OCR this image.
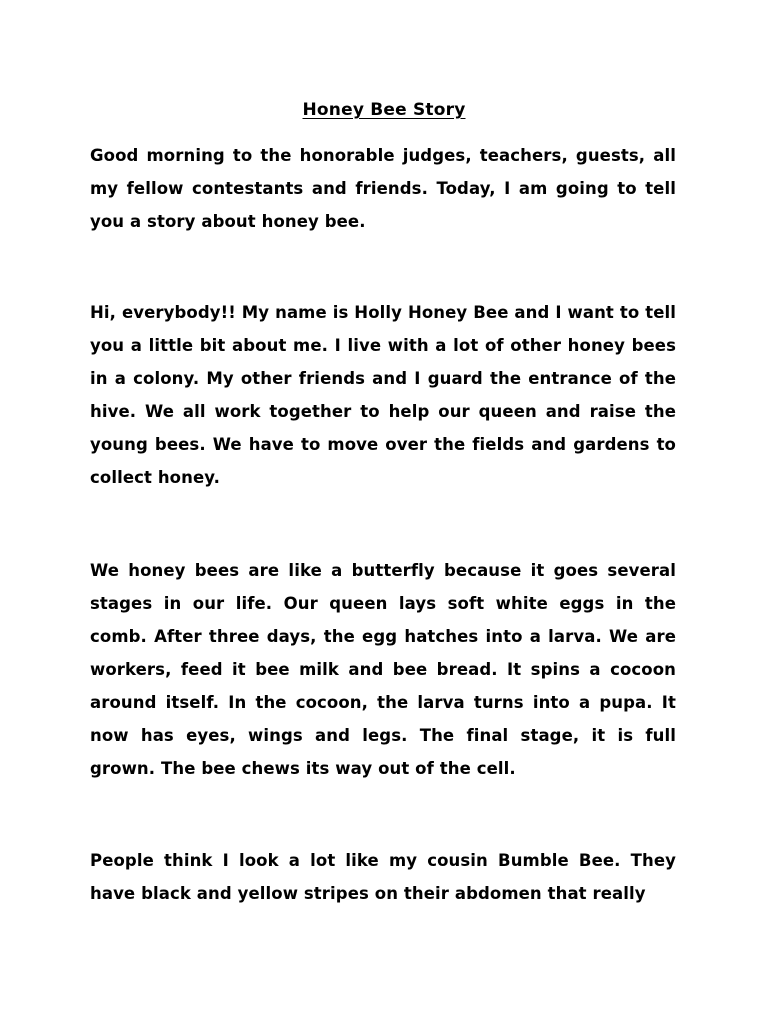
Honey Bee Story

Good morning to the honorable judges, teachers, guests, all my fellow contestants and friends. Today, I am going to tell you a story about honey bee.

Hi, everybody!! My name is Holly Honey Bee and I want to tell you a little bit about me. I live with a lot of other honey bees in a colony. My other friends and I guard the entrance of the hive. We all work together to help our queen and raise the young bees. We have to move over the fields and gardens to collect honey.

We honey bees are like a butterfly because it goes several stages in our life. Our queen lays soft white eggs in the comb. After three days, the egg hatches into a larva. We are workers, feed it bee milk and bee bread. It spins a cocoon around itself. In the cocoon, the larva turns into a pupa. It now has eyes, wings and legs. The final stage, it is full grown. The bee chews its way out of the cell.

People think I look a lot like my cousin Bumble Bee. They have black and yellow stripes on their abdomen that really
